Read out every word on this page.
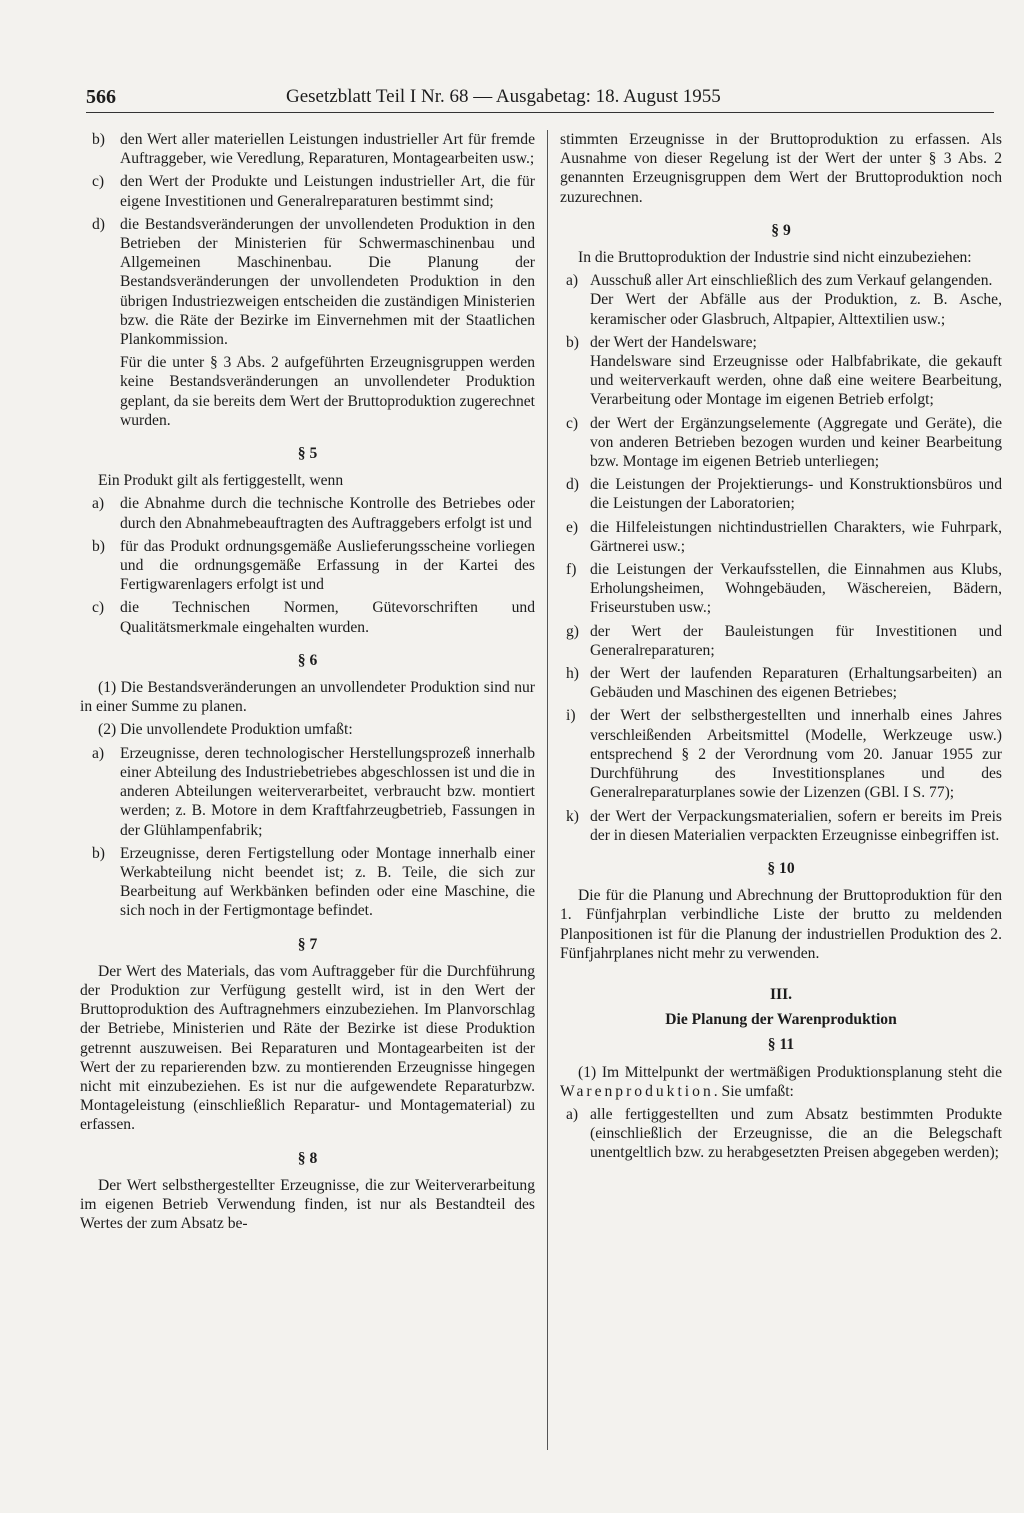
566	Gesetzblatt Teil I Nr. 68 — Ausgabetag: 18. August 1955
b) den Wert aller materiellen Leistungen industrieller Art für fremde Auftraggeber, wie Veredlung, Reparaturen, Montagearbeiten usw.;

c) den Wert der Produkte und Leistungen industrieller Art, die für eigene Investitionen und Generalreparaturen bestimmt sind;

d) die Bestandsveränderungen der unvollendeten Produktion in den Betrieben der Ministerien für Schwermaschinenbau und Allgemeinen Maschinenbau. Die Planung der Bestandsveränderungen der unvollendeten Produktion in den übrigen Industriezweigen entscheiden die zuständigen Ministerien bzw. die Räte der Bezirke im Einvernehmen mit der Staatlichen Plankommission.

Für die unter § 3 Abs. 2 aufgeführten Erzeugnisgruppen werden keine Bestandsveränderungen an unvollendeter Produktion geplant, da sie bereits dem Wert der Bruttoproduktion zugerechnet wurden.

§ 5

Ein Produkt gilt als fertiggestellt, wenn

a) die Abnahme durch die technische Kontrolle des Betriebes oder durch den Abnahmebeauftragten des Auftraggebers erfolgt ist und

b) für das Produkt ordnungsgemäße Auslieferungsscheine vorliegen und die ordnungsgemäße Erfassung in der Kartei des Fertigwarenlagers erfolgt ist und

c) die Technischen Normen, Gütevorschriften und Qualitätsmerkmale eingehalten wurden.

§ 6

(1) Die Bestandsveränderungen an unvollendeter Produktion sind nur in einer Summe zu planen.

(2) Die unvollendete Produktion umfaßt:

a) Erzeugnisse, deren technologischer Herstellungsprozeß innerhalb einer Abteilung des Industriebetriebes abgeschlossen ist und die in anderen Abteilungen weiterverarbeitet, verbraucht bzw. montiert werden; z. B. Motore in dem Kraftfahrzeugbetrieb, Fassungen in der Glühlampenfabrik;

b) Erzeugnisse, deren Fertigstellung oder Montage innerhalb einer Werkabteilung nicht beendet ist; z. B. Teile, die sich zur Bearbeitung auf Werkbänken befinden oder eine Maschine, die sich noch in der Fertigmontage befindet.

§ 7

Der Wert des Materials, das vom Auftraggeber für die Durchführung der Produktion zur Verfügung gestellt wird, ist in den Wert der Bruttoproduktion des Auftragnehmers einzubeziehen. Im Planvorschlag der Betriebe, Ministerien und Räte der Bezirke ist diese Produktion getrennt auszuweisen. Bei Reparaturen und Montagearbeiten ist der Wert der zu reparierenden bzw. zu montierenden Erzeugnisse hingegen nicht mit einzubeziehen. Es ist nur die aufgewendete Reparaturbzw. Montageleistung (einschließlich Reparatur- und Montagematerial) zu erfassen.

§ 8

Der Wert selbsthergestellter Erzeugnisse, die zur Weiterverarbeitung im eigenen Betrieb Verwendung finden, ist nur als Bestandteil des Wertes der zum Absatz be-

stimmten Erzeugnisse in der Bruttoproduktion zu erfassen. Als Ausnahme von dieser Regelung ist der Wert der unter § 3 Abs. 2 genannten Erzeugnisgruppen dem Wert der Bruttoproduktion noch zuzurechnen.

§ 9

In die Bruttoproduktion der Industrie sind nicht einzubeziehen:

a) Ausschuß aller Art einschließlich des zum Verkauf gelangenden.

Der Wert der Abfälle aus der Produktion, z. B. Asche, keramischer oder Glasbruch, Altpapier, Alttextilien usw.;

b) der Wert der Handelsware;

Handelsware sind Erzeugnisse oder Halbfabrikate, die gekauft und weiterverkauft werden, ohne daß eine weitere Bearbeitung, Verarbeitung oder Montage im eigenen Betrieb erfolgt;

c) der Wert der Ergänzungselemente (Aggregate und Geräte), die von anderen Betrieben bezogen wurden und keiner Bearbeitung bzw. Montage im eigenen Betrieb unterliegen;

d) die Leistungen der Projektierungs- und Konstruktionsbüros und die Leistungen der Laboratorien;

e) die Hilfeleistungen nichtindustriellen Charakters, wie Fuhrpark, Gärtnerei usw.;

f) die Leistungen der Verkaufsstellen, die Einnahmen aus Klubs, Erholungsheimen, Wohngebäuden, Wäschereien, Bädern, Friseurstuben usw.;

g) der Wert der Bauleistungen für Investitionen und Generalreparaturen;

h) der Wert der laufenden Reparaturen (Erhaltungsarbeiten) an Gebäuden und Maschinen des eigenen Betriebes;

i) der Wert der selbsthergestellten und innerhalb eines Jahres verschleißenden Arbeitsmittel (Modelle, Werkzeuge usw.) entsprechend § 2 der Verordnung vom 20. Januar 1955 zur Durchführung des Investitionsplanes und des Generalreparaturplanes sowie der Lizenzen (GBl. I S. 77);

k) der Wert der Verpackungsmaterialien, sofern er bereits im Preis der in diesen Materialien verpackten Erzeugnisse einbegriffen ist.

§ 10

Die für die Planung und Abrechnung der Bruttoproduktion für den 1. Fünfjahrplan verbindliche Liste der brutto zu meldenden Planpositionen ist für die Planung der industriellen Produktion des 2. Fünfjahrplanes nicht mehr zu verwenden.

III.
Die Planung der Warenproduktion
§ 11

(1) Im Mittelpunkt der wertmäßigen Produktionsplanung steht die Warenproduktion. Sie umfaßt:

a) alle fertiggestellten und zum Absatz bestimmten Produkte (einschließlich der Erzeugnisse, die an die Belegschaft unentgeltlich bzw. zu herabgesetzten Preisen abgegeben werden);
